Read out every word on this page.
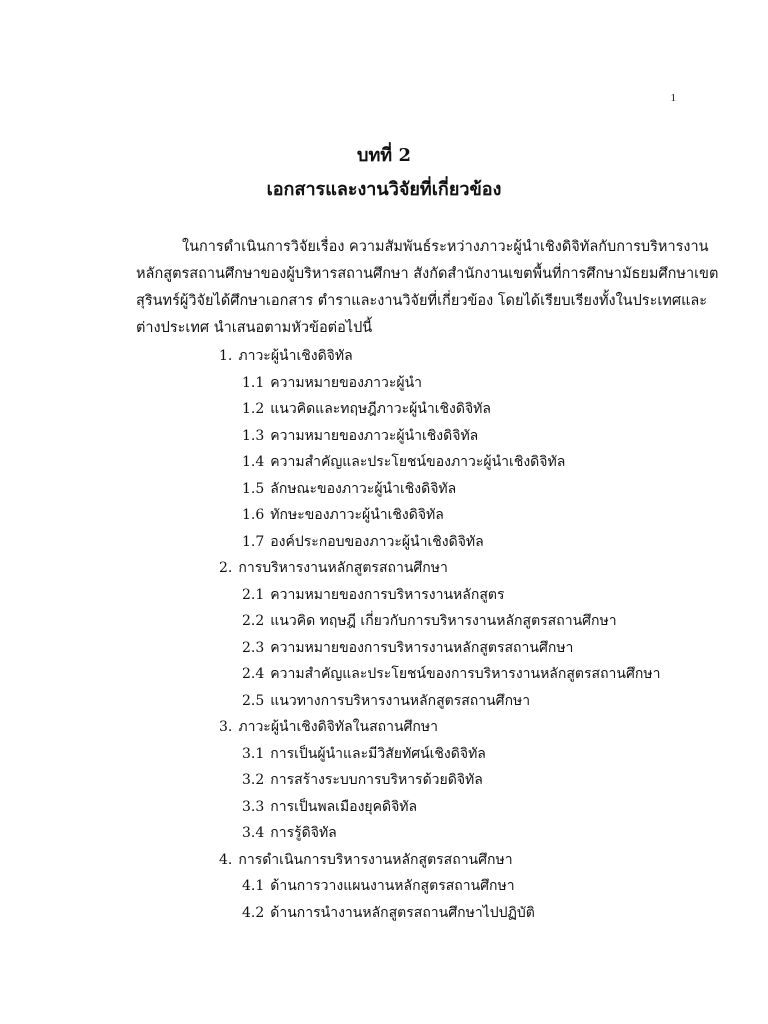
1
บทที่ 2
เอกสารและงานวิจัยที่เกี่ยวข้อง

ในการดำเนินการวิจัยเรื่อง ความสัมพันธ์ระหว่างภาวะผู้นำเชิงดิจิทัลกับการบริหารงาน
หลักสูตรสถานศึกษาของผู้บริหารสถานศึกษา สังกัดสำนักงานเขตพื้นที่การศึกษามัธยมศึกษาเขต
สุรินทร์ผู้วิจัยได้ศึกษาเอกสาร ตำราและงานวิจัยที่เกี่ยวข้อง โดยได้เรียบเรียงทั้งในประเทศและ
ต่างประเทศ นำเสนอตามหัวข้อต่อไปนี้

1. ภาวะผู้นำเชิงดิจิทัล
1.1 ความหมายของภาวะผู้นำ
1.2 แนวคิดและทฤษฎีภาวะผู้นำเชิงดิจิทัล
1.3 ความหมายของภาวะผู้นำเชิงดิจิทัล
1.4 ความสำคัญและประโยชน์ของภาวะผู้นำเชิงดิจิทัล
1.5 ลักษณะของภาวะผู้นำเชิงดิจิทัล
1.6 ทักษะของภาวะผู้นำเชิงดิจิทัล
1.7 องค์ประกอบของภาวะผู้นำเชิงดิจิทัล
2. การบริหารงานหลักสูตรสถานศึกษา
2.1 ความหมายของการบริหารงานหลักสูตร
2.2 แนวคิด ทฤษฎี เกี่ยวกับการบริหารงานหลักสูตรสถานศึกษา
2.3 ความหมายของการบริหารงานหลักสูตรสถานศึกษา
2.4 ความสำคัญและประโยชน์ของการบริหารงานหลักสูตรสถานศึกษา
2.5 แนวทางการบริหารงานหลักสูตรสถานศึกษา
3. ภาวะผู้นำเชิงดิจิทัลในสถานศึกษา
3.1 การเป็นผู้นำและมีวิสัยทัศน์เชิงดิจิทัล
3.2 การสร้างระบบการบริหารด้วยดิจิทัล
3.3 การเป็นพลเมืองยุคดิจิทัล
3.4 การรู้ดิจิทัล
4. การดำเนินการบริหารงานหลักสูตรสถานศึกษา
4.1 ด้านการวางแผนงานหลักสูตรสถานศึกษา
4.2 ด้านการนำงานหลักสูตรสถานศึกษาไปปฏิบัติ
